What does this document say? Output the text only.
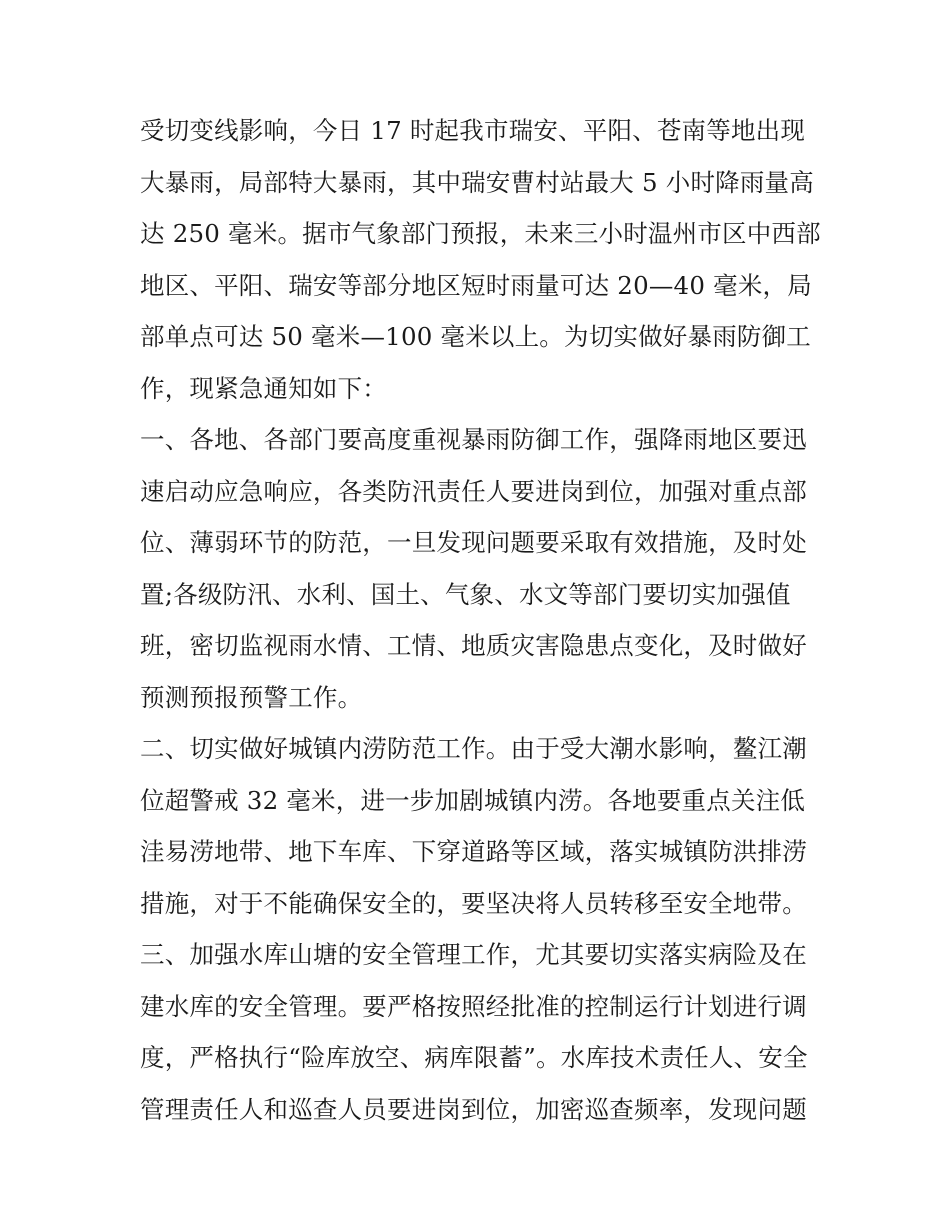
受切变线影响，今日 17 时起我市瑞安、平阳、苍南等地出现
大暴雨，局部特大暴雨，其中瑞安曹村站最大 5 小时降雨量高
达 250 毫米。据市气象部门预报，未来三小时温州市区中西部
地区、平阳、瑞安等部分地区短时雨量可达 20—40 毫米，局
部单点可达 50 毫米—100 毫米以上。为切实做好暴雨防御工
作，现紧急通知如下：
一、各地、各部门要高度重视暴雨防御工作，强降雨地区要迅
速启动应急响应，各类防汛责任人要进岗到位，加强对重点部
位、薄弱环节的防范，一旦发现问题要采取有效措施，及时处
置;各级防汛、水利、国土、气象、水文等部门要切实加强值
班，密切监视雨水情、工情、地质灾害隐患点变化，及时做好
预测预报预警工作。
二、切实做好城镇内涝防范工作。由于受大潮水影响，鳌江潮
位超警戒 32 毫米，进一步加剧城镇内涝。各地要重点关注低
洼易涝地带、地下车库、下穿道路等区域，落实城镇防洪排涝
措施，对于不能确保安全的，要坚决将人员转移至安全地带。
三、加强水库山塘的安全管理工作，尤其要切实落实病险及在
建水库的安全管理。要严格按照经批准的控制运行计划进行调
度，严格执行“险库放空、病库限蓄”。水库技术责任人、安全
管理责任人和巡查人员要进岗到位，加密巡查频率，发现问题
